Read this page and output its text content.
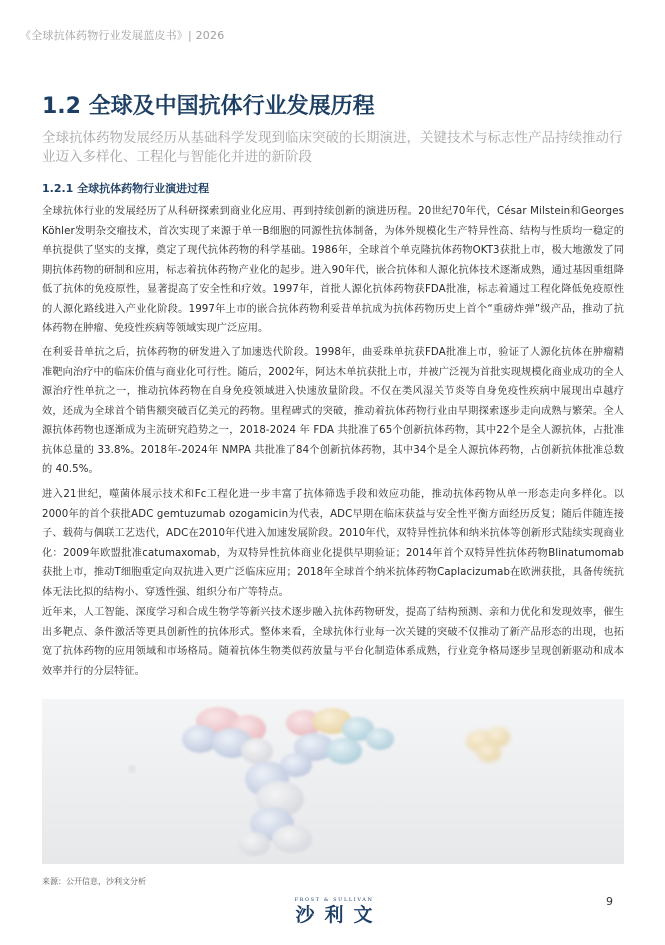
《全球抗体药物行业发展蓝皮书》| 2026
1.2 全球及中国抗体行业发展历程

全球抗体药物发展经历从基础科学发现到临床突破的长期演进，关键技术与标志性产品持续推动行业迈入多样化、工程化与智能化并进的新阶段

1.2.1 全球抗体药物行业演进过程

全球抗体行业的发展经历了从科研探索到商业化应用、再到持续创新的演进历程。20世纪70年代，César Milstein和Georges Köhler发明杂交瘤技术，首次实现了来源于单一B细胞的同源性抗体制备，为体外规模化生产特异性高、结构与性质均一稳定的单抗提供了坚实的支撑，奠定了现代抗体药物的科学基础。1986年，全球首个单克隆抗体药物OKT3获批上市，极大地激发了同期抗体药物的研制和应用，标志着抗体药物产业化的起步。进入90年代，嵌合抗体和人源化抗体技术逐渐成熟，通过基因重组降低了抗体的免疫原性，显著提高了安全性和疗效。1997年，首批人源化抗体药物获FDA批准，标志着通过工程化降低免疫原性的人源化路线进入产业化阶段。1997年上市的嵌合抗体药物利妥昔单抗成为抗体药物历史上首个“重磅炸弹”级产品，推动了抗体药物在肿瘤、免疫性疾病等领域实现广泛应用。

在利妥昔单抗之后，抗体药物的研发进入了加速迭代阶段。1998年，曲妥珠单抗获FDA批准上市，验证了人源化抗体在肿瘤精准靶向治疗中的临床价值与商业化可行性。随后，2002年，阿达木单抗获批上市，并被广泛视为首批实现规模化商业成功的全人源治疗性单抗之一，推动抗体药物在自身免疫领域进入快速放量阶段。不仅在类风湿关节炎等自身免疫性疾病中展现出卓越疗效，还成为全球首个销售额突破百亿美元的药物。里程碑式的突破，推动着抗体药物行业由早期探索逐步走向成熟与繁荣。全人源抗体药物也逐渐成为主流研究趋势之一，2018-2024 年 FDA 共批准了65个创新抗体药物，其中22个是全人源抗体，占批准抗体总量的 33.8%。2018年-2024年 NMPA 共批准了84个创新抗体药物，其中34个是全人源抗体药物，占创新抗体批准总数的 40.5%。

进入21世纪，噬菌体展示技术和Fc工程化进一步丰富了抗体筛选手段和效应功能，推动抗体药物从单一形态走向多样化。以2000年的首个获批ADC gemtuzumab ozogamicin为代表，ADC早期在临床获益与安全性平衡方面经历反复；随后伴随连接子、载荷与偶联工艺迭代，ADC在2010年代进入加速发展阶段。2010年代，双特异性抗体和纳米抗体等创新形式陆续实现商业化：2009年欧盟批准catumaxomab，为双特异性抗体商业化提供早期验证；2014年首个双特异性抗体药物Blinatumomab获批上市，推动T细胞重定向双抗进入更广泛临床应用；2018年全球首个纳米抗体药物Caplacizumab在欧洲获批，具备传统抗体无法比拟的结构小、穿透性强、组织分布广等特点。

近年来，人工智能、深度学习和合成生物学等新兴技术逐步融入抗体药物研发，提高了结构预测、亲和力优化和发现效率，催生出多靶点、条件激活等更具创新性的抗体形式。整体来看，全球抗体行业每一次关键的突破不仅推动了新产品形态的出现，也拓宽了抗体药物的应用领域和市场格局。随着抗体生物类似药放量与平台化制造体系成熟，行业竞争格局逐步呈现创新驱动和成本效率并行的分层特征。

来源：公开信息，沙利文分析
FROST & SULLIVAN
沙利文
9
